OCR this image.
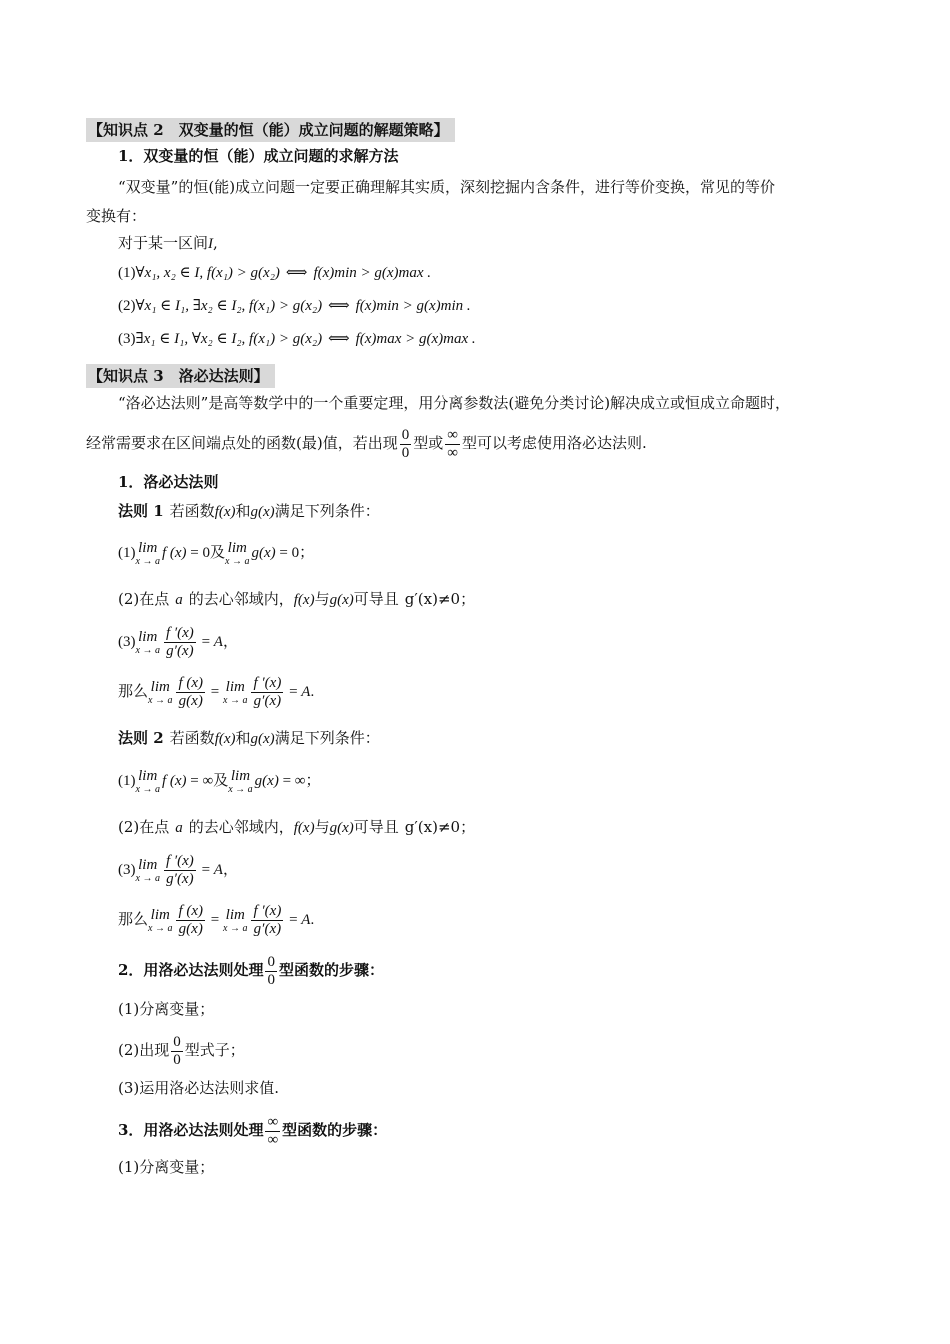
【知识点 2　双变量的恒（能）成立问题的解题策略】
1．双变量的恒（能）成立问题的求解方法
“双变量”的恒(能)成立问题一定要正确理解其实质，深刻挖掘内含条件，进行等价变换，常见的等价
变换有：
对于某一区间I,
(1)∀x₁, x₂ ∈ I, f(x₁) > g(x₂) ⟺ f(x)min > g(x)max .
(2)∀x₁ ∈ I₁, ∃x₂ ∈ I₂, f(x₁) > g(x₂) ⟺ f(x)min > g(x)min .
(3)∃x₁ ∈ I₁, ∀x₂ ∈ I₂, f(x₁) > g(x₂) ⟺ f(x)max > g(x)max .
【知识点 3　洛必达法则】
“洛必达法则”是高等数学中的一个重要定理，用分离参数法(避免分类讨论)解决成立或恒成立命题时，
经常需要求在区间端点处的函数(最)值，若出现 $\frac{0}{0}$ 型或 $\frac{\infty}{\infty}$ 型可以考虑使用洛必达法则.
1．洛必达法则
法则 1 若函数f(x)和g(x)满足下列条件：
(1) lim
x → a
f (x) = 0及 lim
x → a
g(x) = 0；
(2)在点 a 的去心邻域内，f(x)与g(x)可导且 g′(x)≠0；
(3) lim
x → a $\frac{f '(x)}{g'(x)} = A$，
那么 lim
x → a $\frac{f (x)}{g(x)} = \lim$
x → a $\frac{f '(x)}{g'(x)} = A$.
法则 2 若函数f(x)和g(x)满足下列条件：
(1) lim
x → a
f (x) = ∞及 lim
x → a
g(x) = ∞；
(2)在点 a 的去心邻域内，f(x)与g(x)可导且 g′(x)≠0；
(3) lim
x → a $\frac{f '(x)}{g'(x)} = A$，
那么 lim
x → a $\frac{f (x)}{g(x)} = \lim$
x → a $\frac{f '(x)}{g'(x)} = A$.
2．用洛必达法则处理 $\frac{0}{0}$ 型函数的步骤：
(1)分离变量；
(2)出现 $\frac{0}{0}$ 型式子；
(3)运用洛必达法则求值.
3．用洛必达法则处理 $\frac{\infty}{\infty}$ 型函数的步骤：
(1)分离变量；
